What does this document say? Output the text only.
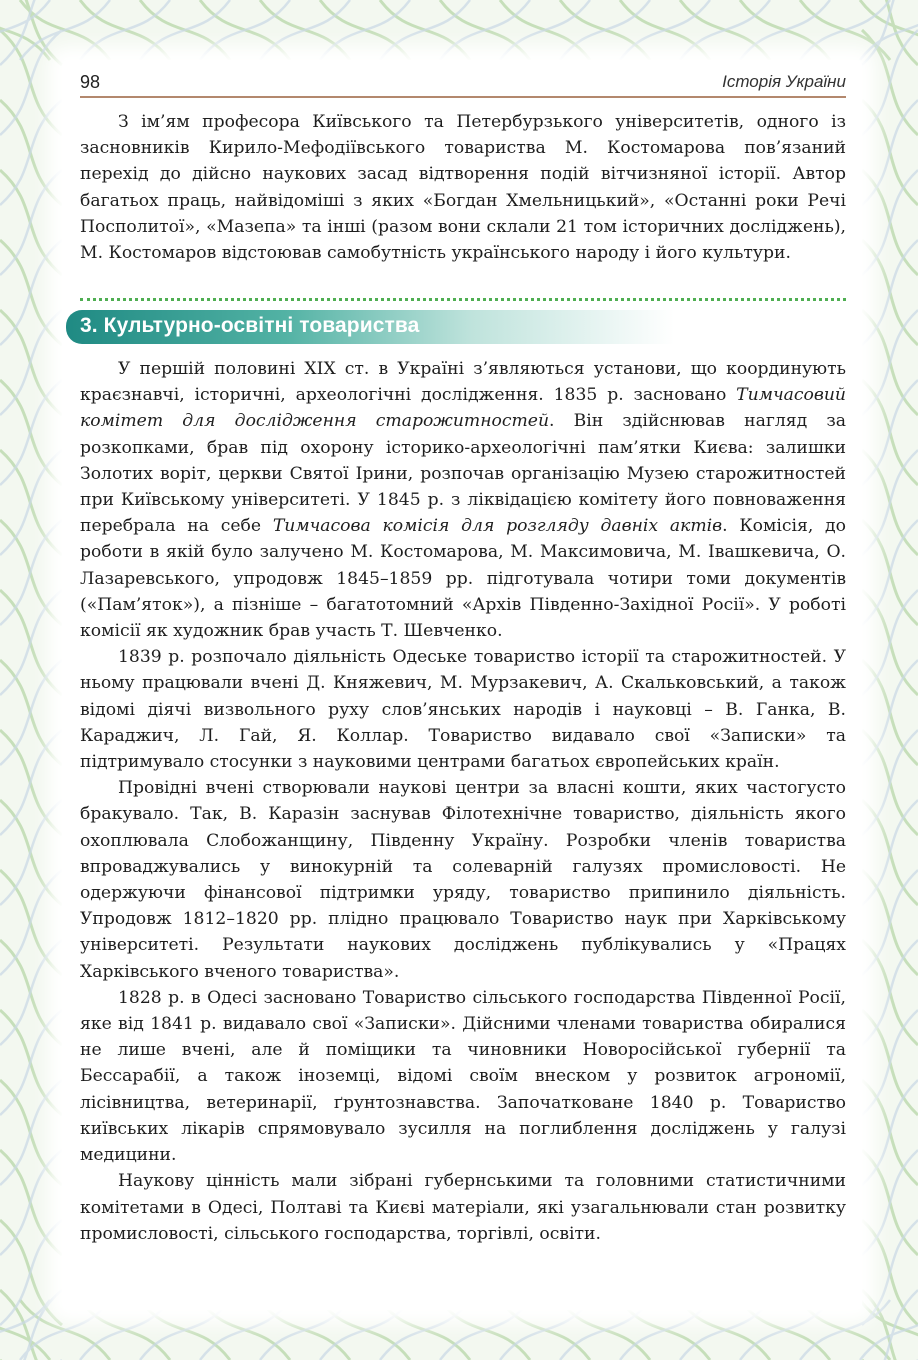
98	Історія України

З ім’ям професора Київського та Петербурзького університетів, одного із засновників Кирило-Мефодіївського товариства М. Костомарова пов’язаний перехід до дійсно наукових засад відтворення подій вітчизняної історії. Автор багатьох праць, найвідоміші з яких «Богдан Хмельницький», «Останні роки Речі Посполитої», «Мазепа» та інші (разом вони склали 21 том історичних досліджень), М. Костомаров відстоював самобутність українського народу і його культури.

3. Культурно-освітні товариства

У першій половині XIX ст. в Україні з’являються установи, що координують краєзнавчі, історичні, археологічні дослідження. 1835 р. засновано Тимчасовий комітет для дослідження старожитностей. Він здійснював нагляд за розкопками, брав під охорону історико-археологічні пам’ятки Києва: залишки Золотих воріт, церкви Святої Ірини, розпочав організацію Музею старожитностей при Київському університеті. У 1845 р. з ліквідацією комітету його повноваження перебрала на себе Тимчасова комісія для розгляду давніх актів. Комісія, до роботи в якій було залучено М. Костомарова, М. Максимовича, М. Івашкевича, О. Лазаревського, упродовж 1845–1859 рр. підготувала чотири томи документів («Пам’яток»), а пізніше – багатотомний «Архів Південно-Західної Росії». У роботі комісії як художник брав участь Т. Шевченко.

1839 р. розпочало діяльність Одеське товариство історії та старожитностей. У ньому працювали вчені Д. Княжевич, М. Мурзакевич, А. Скальковський, а також відомі діячі визвольного руху слов’янських народів і науковці – В. Ганка, В. Караджич, Л. Гай, Я. Коллар. Товариство видавало свої «Записки» та підтримувало стосунки з науковими центрами багатьох європейських країн.

Провідні вчені створювали наукові центри за власні кошти, яких частогусто бракувало. Так, В. Каразін заснував Філотехнічне товариство, діяльність якого охоплювала Слобожанщину, Південну Україну. Розробки членів товариства впроваджувались у винокурній та солеварній галузях промисловості. Не одержуючи фінансової підтримки уряду, товариство припинило діяльність. Упродовж 1812–1820 рр. плідно працювало Товариство наук при Харківському університеті. Результати наукових досліджень публікувались у «Працях Харківського вченого товариства».

1828 р. в Одесі засновано Товариство сільського господарства Південної Росії, яке від 1841 р. видавало свої «Записки». Дійсними членами товариства обиралися не лише вчені, але й поміщики та чиновники Новоросійської губернії та Бессарабії, а також іноземці, відомі своїм внеском у розвиток агрономії, лісівництва, ветеринарії, ґрунтознавства. Започатковане 1840 р. Товариство київських лікарів спрямовувало зусилля на поглиблення досліджень у галузі медицини.

Наукову цінність мали зібрані губернськими та головними статистичними комітетами в Одесі, Полтаві та Києві матеріали, які узагальнювали стан розвитку промисловості, сільського господарства, торгівлі, освіти.
